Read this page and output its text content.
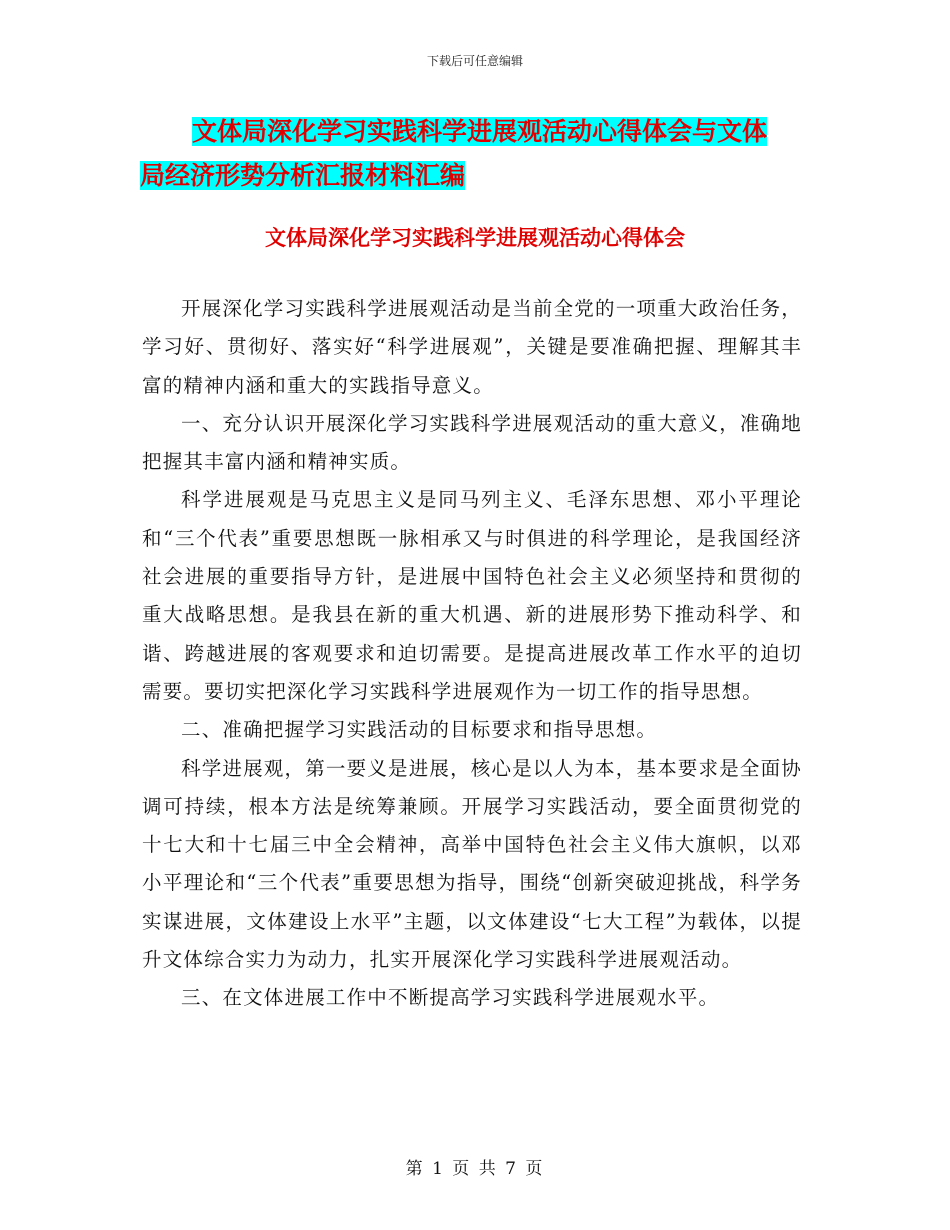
下载后可任意编辑
文体局深化学习实践科学进展观活动心得体会与文体
局经济形势分析汇报材料汇编
文体局深化学习实践科学进展观活动心得体会

开展深化学习实践科学进展观活动是当前全党的一项重大政治任务，学习好、贯彻好、落实好“科学进展观”，关键是要准确把握、理解其丰富的精神内涵和重大的实践指导意义。

一、充分认识开展深化学习实践科学进展观活动的重大意义，准确地把握其丰富内涵和精神实质。

科学进展观是马克思主义是同马列主义、毛泽东思想、邓小平理论和“三个代表”重要思想既一脉相承又与时俱进的科学理论，是我国经济社会进展的重要指导方针，是进展中国特色社会主义必须坚持和贯彻的重大战略思想。是我县在新的重大机遇、新的进展形势下推动科学、和谐、跨越进展的客观要求和迫切需要。是提高进展改革工作水平的迫切需要。要切实把深化学习实践科学进展观作为一切工作的指导思想。

二、准确把握学习实践活动的目标要求和指导思想。

科学进展观，第一要义是进展，核心是以人为本，基本要求是全面协调可持续，根本方法是统筹兼顾。开展学习实践活动，要全面贯彻党的十七大和十七届三中全会精神，高举中国特色社会主义伟大旗帜，以邓小平理论和“三个代表”重要思想为指导，围绕“创新突破迎挑战，科学务实谋进展，文体建设上水平”主题，以文体建设“七大工程”为载体，以提升文体综合实力为动力，扎实开展深化学习实践科学进展观活动。

三、在文体进展工作中不断提高学习实践科学进展观水平。

第 1 页 共 7 页
